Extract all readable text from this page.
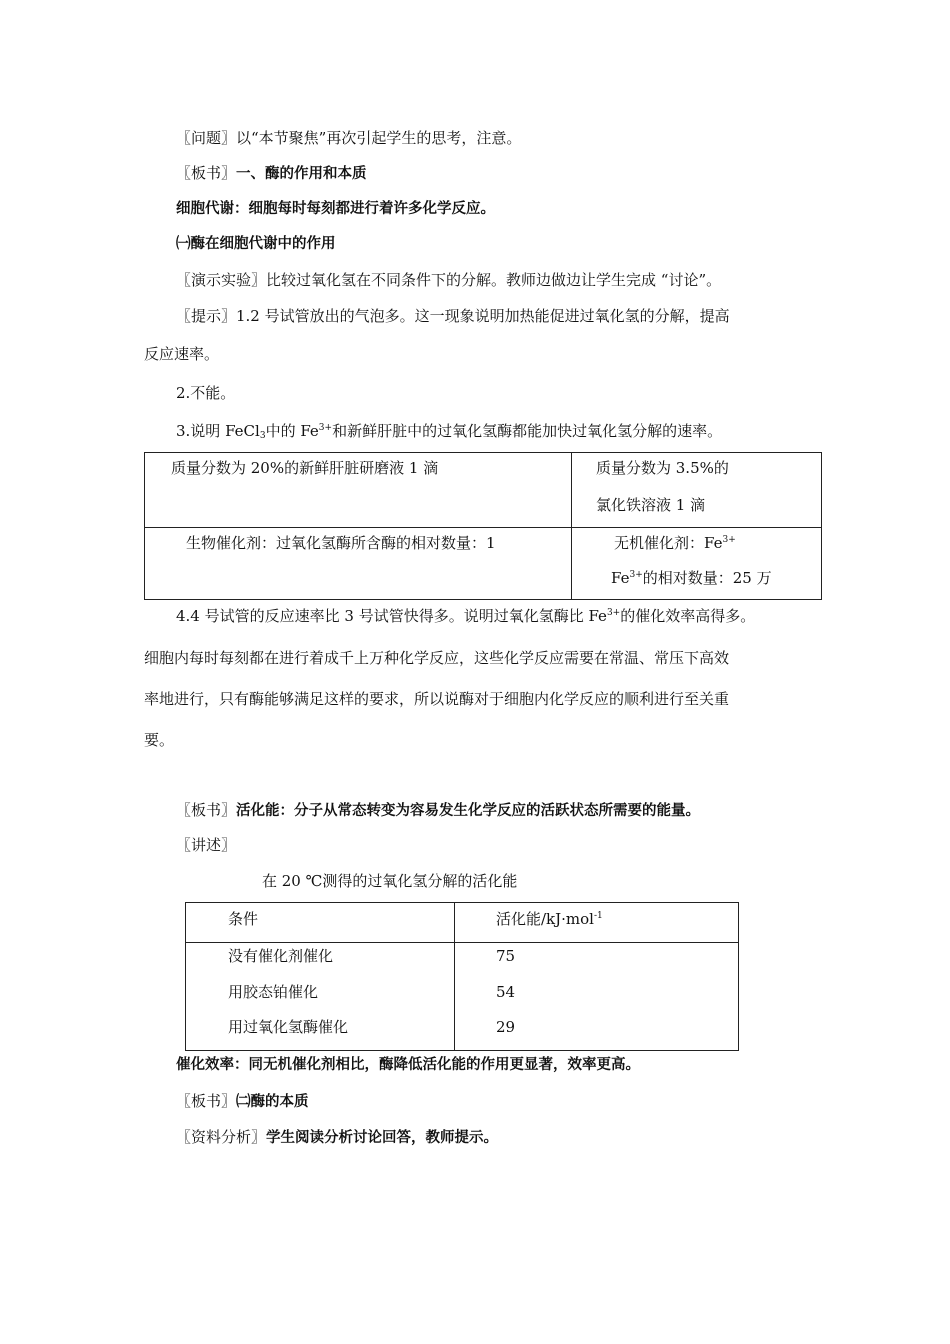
〖问题〗以“本节聚焦”再次引起学生的思考，注意。
〖板书〗一、酶的作用和本质
细胞代谢：细胞每时每刻都进行着许多化学反应。
㈠酶在细胞代谢中的作用
〖演示实验〗比较过氧化氢在不同条件下的分解。教师边做边让学生完成 “讨论”。
〖提示〗1.2 号试管放出的气泡多。这一现象说明加热能促进过氧化氢的分解，提高
反应速率。
2.不能。
3.说明 FeCl$_3$中的 $Fe^{3+}$和新鲜肝脏中的过氧化氢酶都能加快过氧化氢分解的速率。
质量分数为 20%的新鲜肝脏研磨液 1 滴	质量分数为 3.5%的
氯化铁溶液 1 滴
生物催化剂：过氧化氢酶所含酶的相对数量：1	无机催化剂：$Fe^{3+}$
$Fe^{3+}$的相对数量：25 万
4.4 号试管的反应速率比 3 号试管快得多。说明过氧化氢酶比 $Fe^{3+}$的催化效率高得多。
细胞内每时每刻都在进行着成千上万种化学反应，这些化学反应需要在常温、常压下高效
率地进行，只有酶能够满足这样的要求，所以说酶对于细胞内化学反应的顺利进行至关重
要。
〖板书〗活化能：分子从常态转变为容易发生化学反应的活跃状态所需要的能量。
〖讲述〗
在 20 ℃测得的过氧化氢分解的活化能
条件	活化能/kJ·mol$^{-1}$
没有催化剂催化	75
用胶态铂催化	54
用过氧化氢酶催化	29
催化效率：同无机催化剂相比，酶降低活化能的作用更显著，效率更高。
〖板书〗㈡酶的本质
〖资料分析〗学生阅读分析讨论回答，教师提示。
